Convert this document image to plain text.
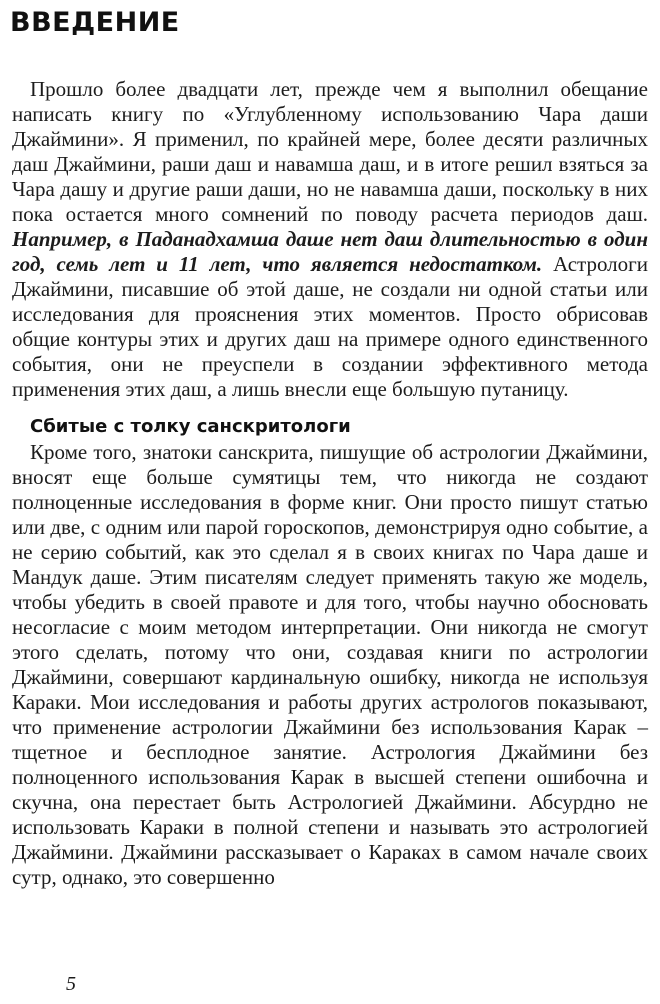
ВВЕДЕНИЕ

Прошло более двадцати лет, прежде чем я выполнил обещание написать книгу по «Углубленному использованию Чара даши Джаймини». Я применил, по крайней мере, более десяти различных даш Джаймини, раши даш и навамша даш, и в итоге решил взяться за Чара дашу и другие раши даши, но не навамша даши, поскольку в них пока остается много сомнений по поводу расчета периодов даш. Например, в Паданадхамша даше нет даш длительностью в один год, семь лет и 11 лет, что является недостатком. Астрологи Джаймини, писавшие об этой даше, не создали ни одной статьи или исследования для прояснения этих моментов. Просто обрисовав общие контуры этих и других даш на примере одного единственного события, они не преуспели в создании эффективного метода применения этих даш, а лишь внесли еще большую путаницу.

Сбитые с толку санскритологи

Кроме того, знатоки санскрита, пишущие об астрологии Джаймини, вносят еще больше сумятицы тем, что никогда не создают полноценные исследования в форме книг. Они просто пишут статью или две, с одним или парой гороскопов, демонстрируя одно событие, а не серию событий, как это сделал я в своих книгах по Чара даше и Мандук даше. Этим писателям следует применять такую же модель, чтобы убедить в своей правоте и для того, чтобы научно обосновать несогласие с моим методом интерпретации. Они никогда не смогут этого сделать, потому что они, создавая книги по астрологии Джаймини, совершают кардинальную ошибку, никогда не используя Караки. Мои исследования и работы других астрологов показывают, что применение астрологии Джаймини без использования Карак – тщетное и бесплодное занятие. Астрология Джаймини без полноценного использования Карак в высшей степени ошибочна и скучна, она перестает быть Астрологией Джаймини. Абсурдно не использовать Караки в полной степени и называть это астрологией Джаймини. Джаймини рассказывает о Караках в самом начале своих сутр, однако, это совершенно

5
